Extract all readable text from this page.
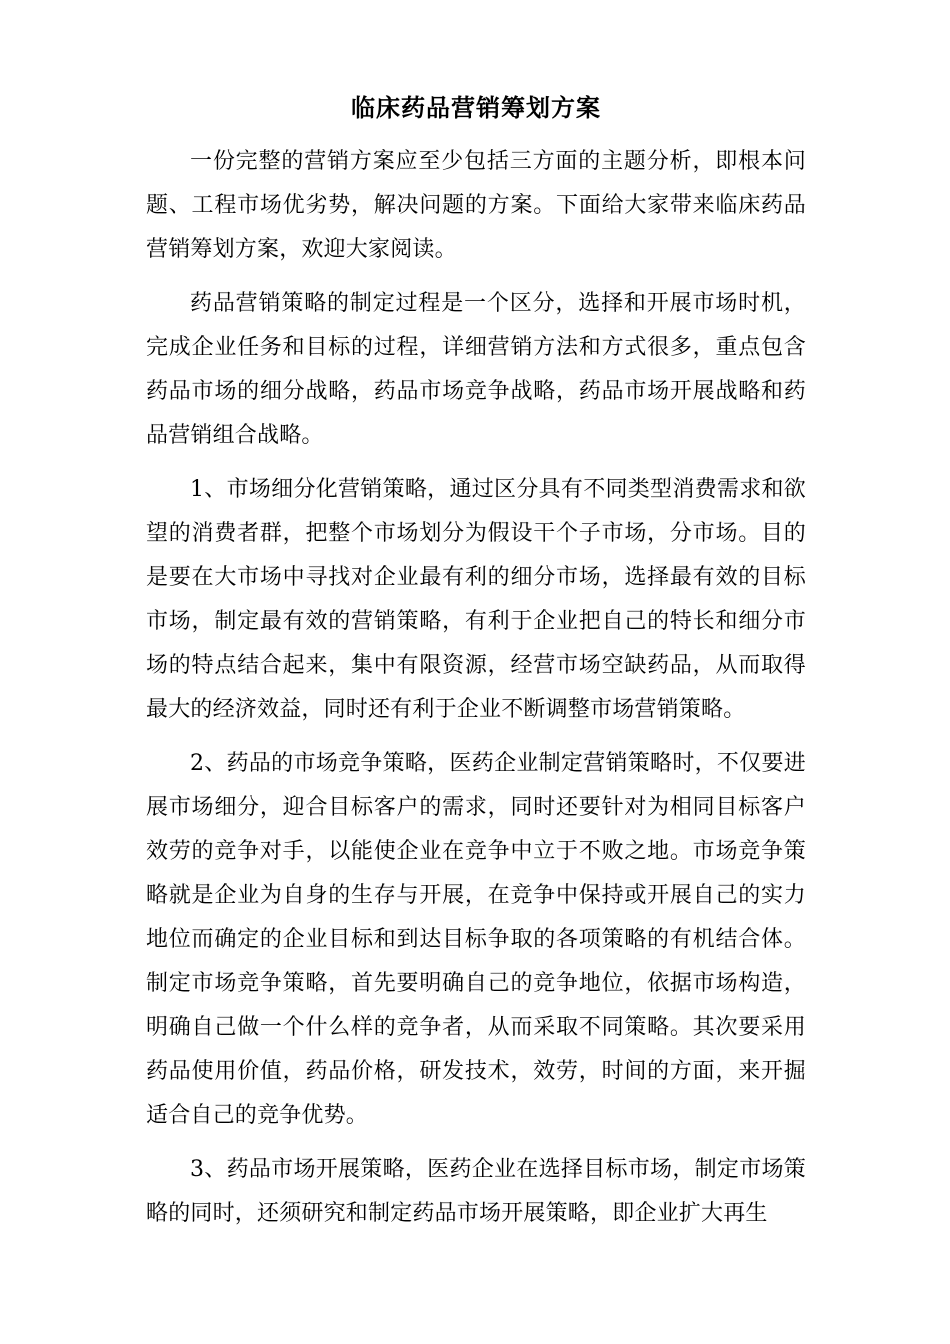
临床药品营销筹划方案

一份完整的营销方案应至少包括三方面的主题分析，即根本问题、工程市场优劣势，解决问题的方案。下面给大家带来临床药品营销筹划方案，欢迎大家阅读。

药品营销策略的制定过程是一个区分，选择和开展市场时机，完成企业任务和目标的过程，详细营销方法和方式很多，重点包含药品市场的细分战略，药品市场竞争战略，药品市场开展战略和药品营销组合战略。

1、市场细分化营销策略，通过区分具有不同类型消费需求和欲望的消费者群，把整个市场划分为假设干个子市场，分市场。目的是要在大市场中寻找对企业最有利的细分市场，选择最有效的目标市场，制定最有效的营销策略，有利于企业把自己的特长和细分市场的特点结合起来，集中有限资源，经营市场空缺药品，从而取得最大的经济效益，同时还有利于企业不断调整市场营销策略。

2、药品的市场竞争策略，医药企业制定营销策略时，不仅要进展市场细分，迎合目标客户的需求，同时还要针对为相同目标客户效劳的竞争对手，以能使企业在竞争中立于不败之地。市场竞争策略就是企业为自身的生存与开展，在竞争中保持或开展自己的实力地位而确定的企业目标和到达目标争取的各项策略的有机结合体。制定市场竞争策略，首先要明确自己的竞争地位，依据市场构造，明确自己做一个什么样的竞争者，从而采取不同策略。其次要采用药品使用价值，药品价格，研发技术，效劳，时间的方面，来开掘适合自己的竞争优势。

3、药品市场开展策略，医药企业在选择目标市场，制定市场策略的同时，还须研究和制定药品市场开展策略，即企业扩大再生
